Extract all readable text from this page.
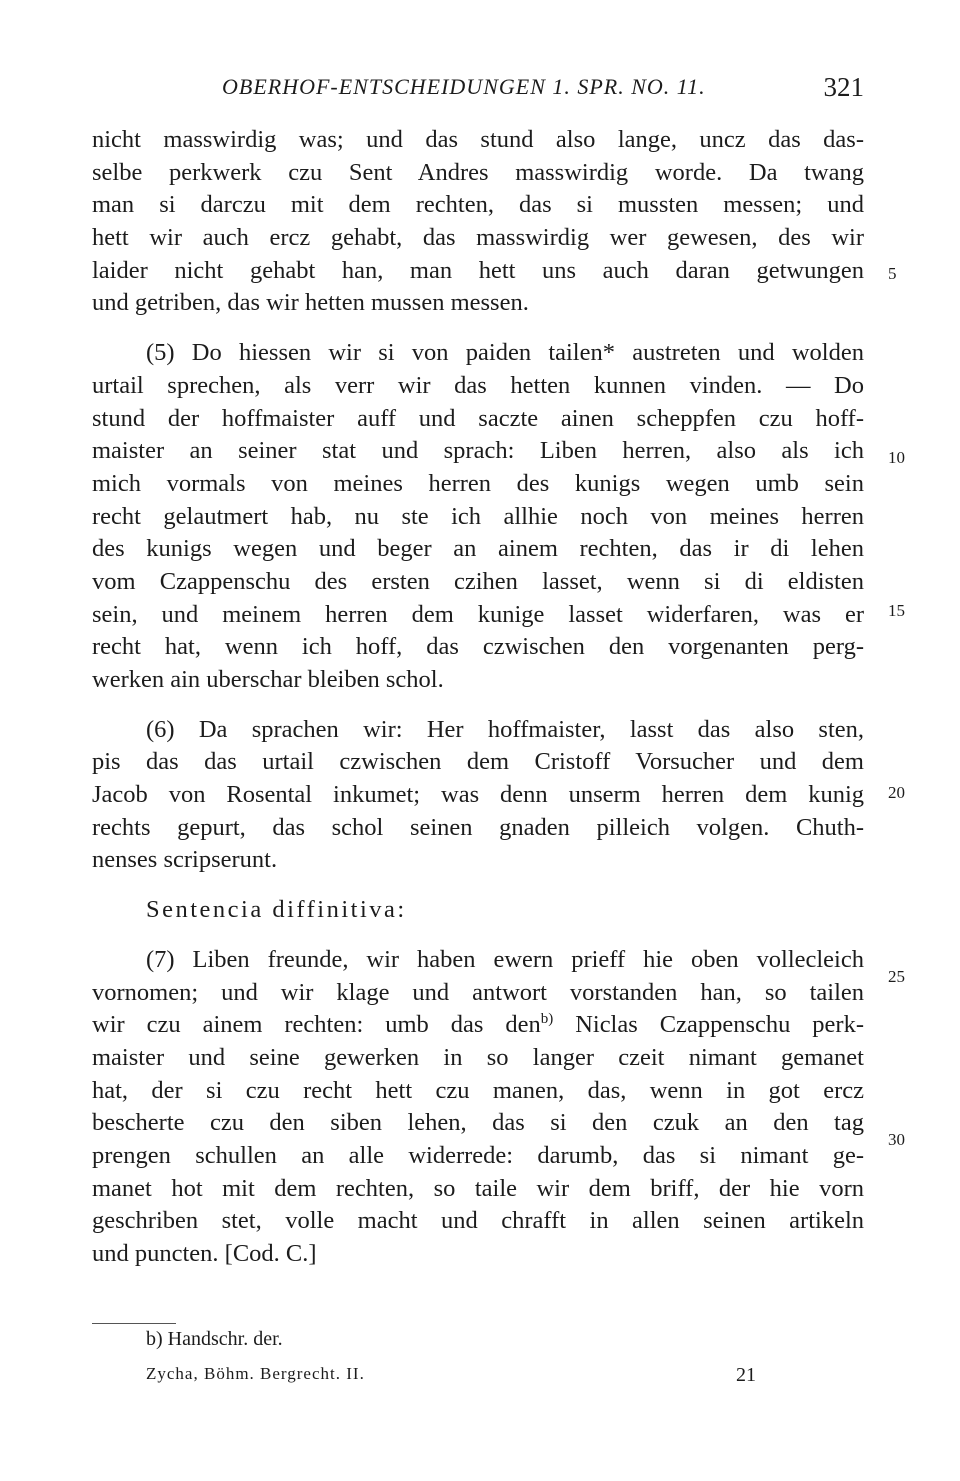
OBERHOF-ENTSCHEIDUNGEN 1. SPR. NO. 11.	321
nicht masswirdig was; und das stund also lange, uncz das das-
selbe perkwerk czu Sent Andres masswirdig worde. Da twang
man si darczu mit dem rechten, das si mussten messen; und
hett wir auch ercz gehabt, das masswirdig wer gewesen, des wir
laider nicht gehabt han, man hett uns auch daran getwungen
und getriben, das wir hetten mussen messen.
(5) Do hiessen wir si von paiden tailen* austreten und wolden
urtail sprechen, als verr wir das hetten kunnen vinden. — Do
stund der hoffmaister auff und saczte ainen scheppfen czu hoff-
maister an seiner stat und sprach: Liben herren, also als ich
mich vormals von meines herren des kunigs wegen umb sein
recht gelautmert hab, nu ste ich allhie noch von meines herren
des kunigs wegen und beger an ainem rechten, das ir di lehen
vom Czappenschu des ersten czihen lasset, wenn si di eldisten
sein, und meinem herren dem kunige lasset widerfaren, was er
recht hat, wenn ich hoff, das czwischen den vorgenanten perg-
werken ain uberschar bleiben schol.
(6) Da sprachen wir: Her hoffmaister, lasst das also sten,
pis das das urtail czwischen dem Cristoff Vorsucher und dem
Jacob von Rosental inkumet; was denn unserm herren dem kunig
rechts gepurt, das schol seinen gnaden pilleich volgen. Chuth-
nenses scripserunt.
Sentencia diffinitiva:
(7) Liben freunde, wir haben ewern prieff hie oben vollecleich
vornomen; und wir klage und antwort vorstanden han, so tailen
wir czu ainem rechten: umb das den$^{b)}$ Niclas Czappenschu perk-
maister und seine gewerken in so langer czeit nimant gemanet
hat, der si czu recht hett czu manen, das, wenn in got ercz
bescherte czu den siben lehen, das si den czuk an den tag
prengen schullen an alle widerrede: darumb, das si nimant ge-
manet hot mit dem rechten, so taile wir dem briff, der hie vorn
geschriben stet, volle macht und chrafft in allen seinen artikeln
und puncten. [Cod. C.]
5
10
15
20
25
30
b) Handschr. der.
Zycha, Böhm. Bergrecht. II.	21
